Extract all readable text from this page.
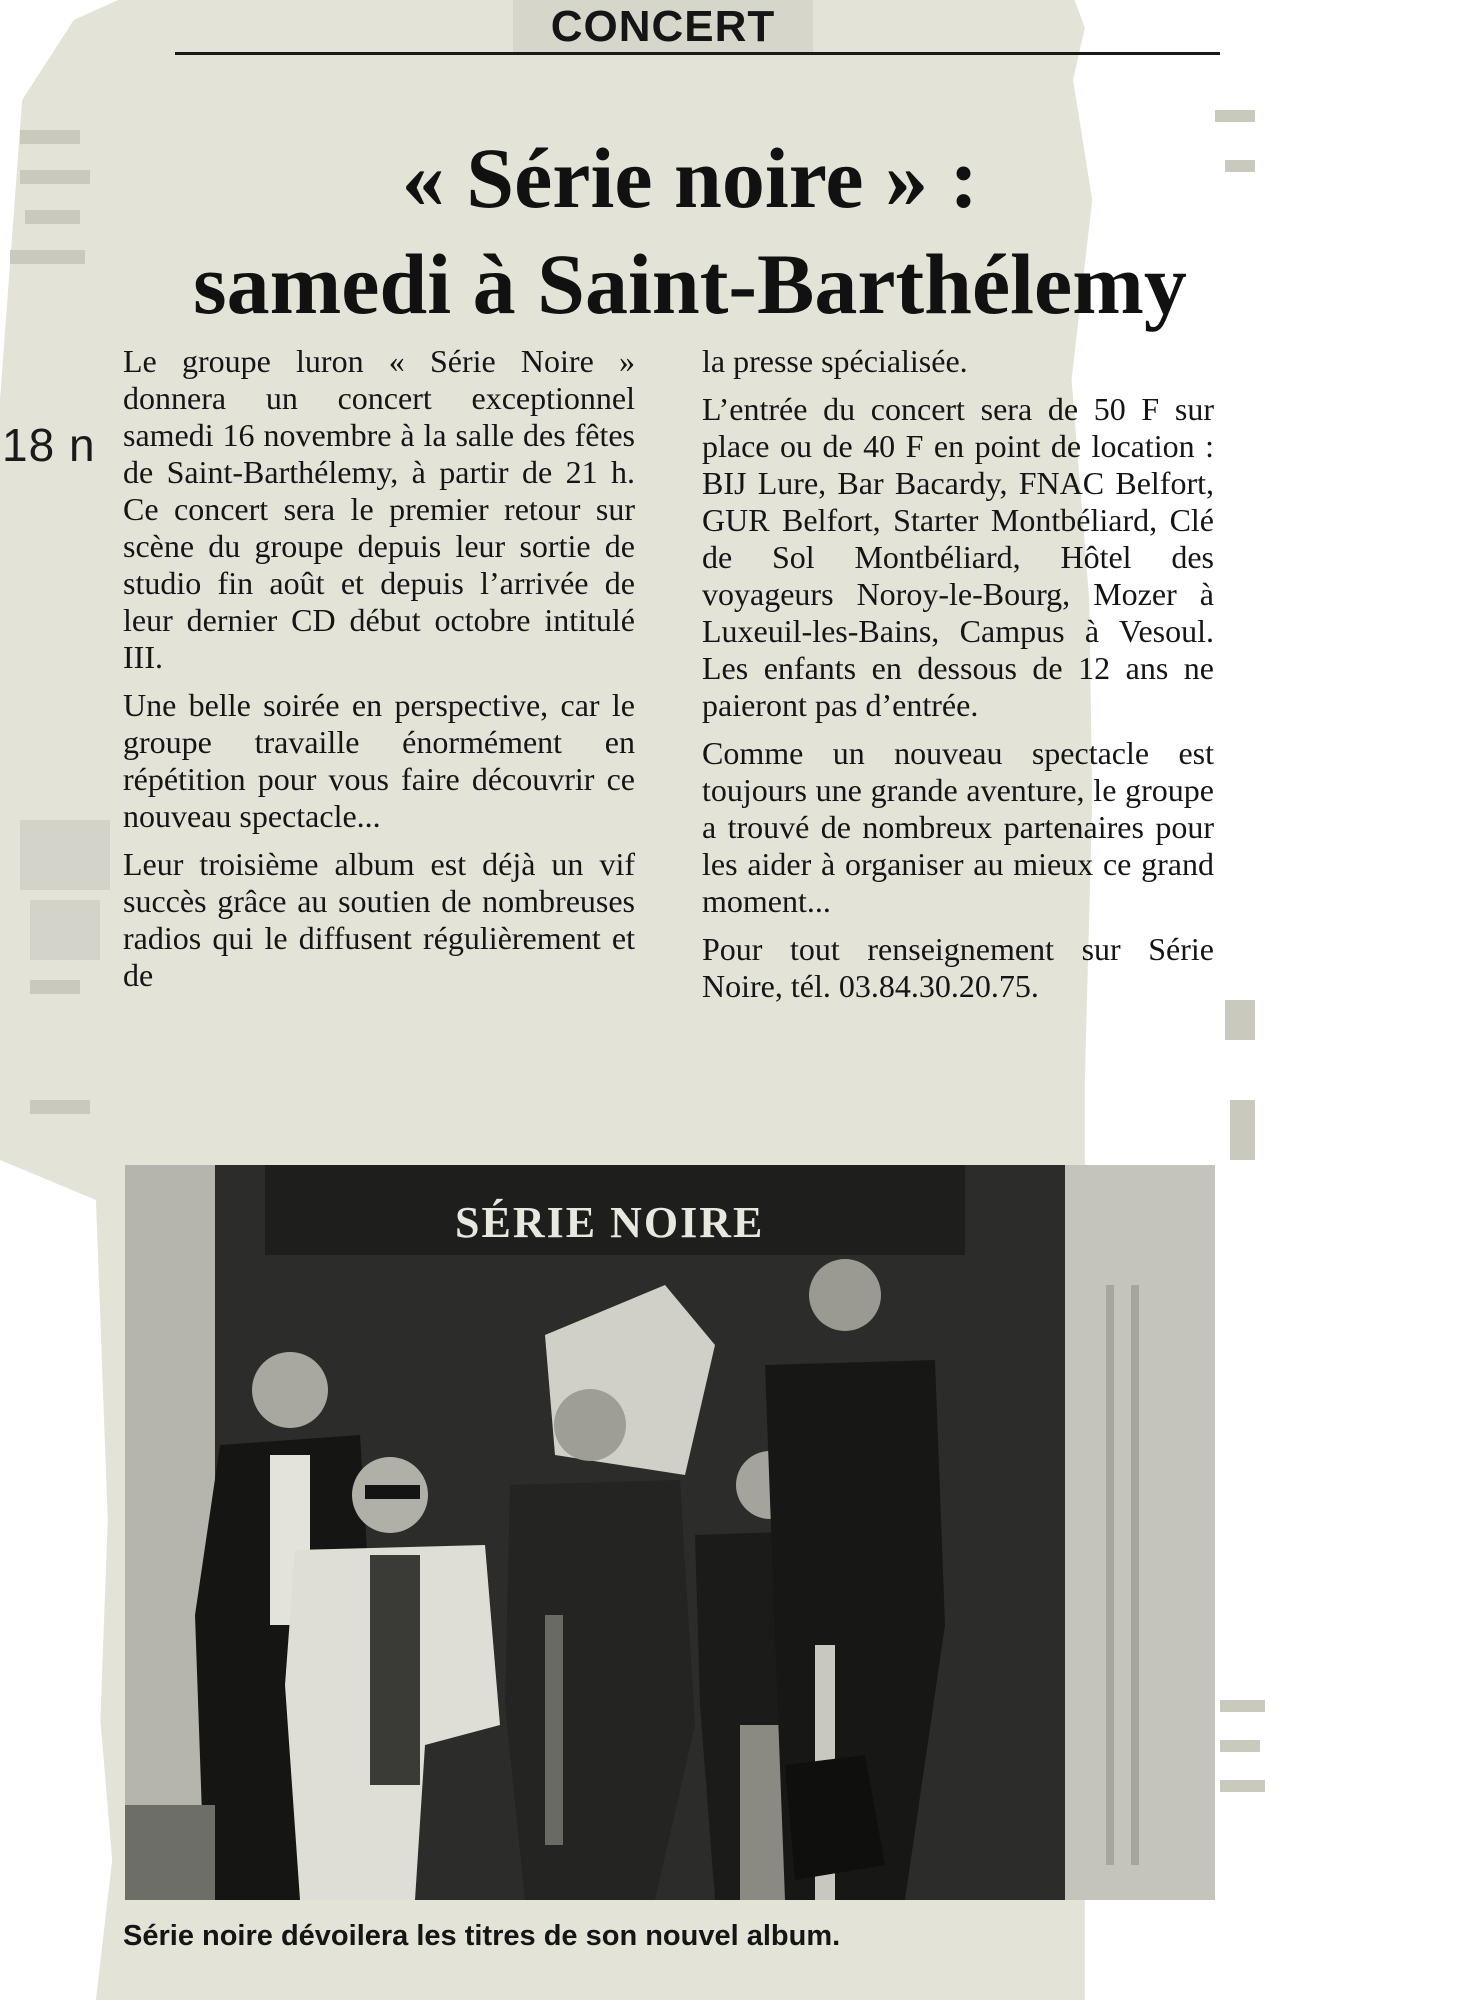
CONCERT
« Série noire » :
samedi à Saint-Barthélemy
18 n

Le groupe luron « Série Noire » donnera un concert exceptionnel samedi 16 novembre à la salle des fêtes de Saint-Barthélemy, à partir de 21 h. Ce concert sera le premier retour sur scène du groupe depuis leur sortie de studio fin août et depuis l’arrivée de leur dernier CD début octobre intitulé III.

Une belle soirée en perspective, car le groupe travaille énormément en répétition pour vous faire découvrir ce nouveau spectacle...

Leur troisième album est déjà un vif succès grâce au soutien de nombreuses radios qui le diffusent régulièrement et de

la presse spécialisée.

L’entrée du concert sera de 50 F sur place ou de 40 F en point de location : BIJ Lure, Bar Bacardy, FNAC Belfort, GUR Belfort, Starter Montbéliard, Clé de Sol Montbéliard, Hôtel des voyageurs Noroy-le-Bourg, Mozer à Luxeuil-les-Bains, Campus à Vesoul. Les enfants en dessous de 12 ans ne paieront pas d’entrée.

Comme un nouveau spectacle est toujours une grande aventure, le groupe a trouvé de nombreux partenaires pour les aider à organiser au mieux ce grand moment...

Pour tout renseignement sur Série Noire, tél. 03.84.30.20.75.

SÉRIE NOIRE
Série noire dévoilera les titres de son nouvel album.
